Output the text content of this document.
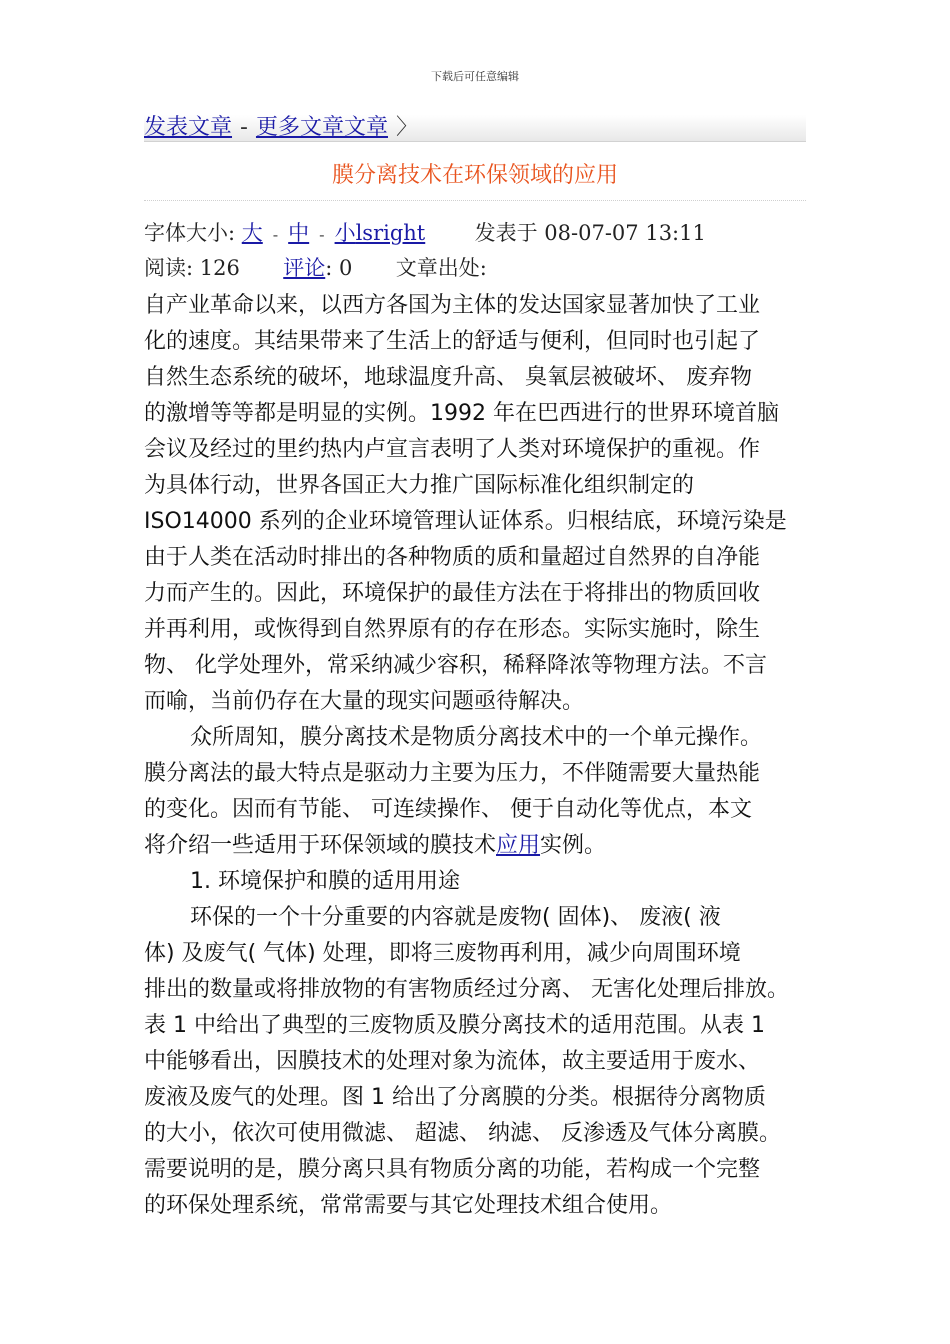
下载后可任意编辑
发表文章 - 更多文章文章 〉
膜分离技术在环保领域的应用
字体大小: 大 - 中 - 小lsright 发表于 08-07-07 13:11
阅读: 126 评论: 0 文章出处:
自产业革命以来，以西方各国为主体的发达国家显著加快了工业
化的速度。其结果带来了生活上的舒适与便利，但同时也引起了
自然生态系统的破坏，地球温度升高、 臭氧层被破坏、 废弃物
的激增等等都是明显的实例。1992 年在巴西进行的世界环境首脑
会议及经过的里约热内卢宣言表明了人类对环境保护的重视。作
为具体行动，世界各国正大力推广国际标准化组织制定的
ISO14000 系列的企业环境管理认证体系。归根结底，环境污染是
由于人类在活动时排出的各种物质的质和量超过自然界的自净能
力而产生的。因此，环境保护的最佳方法在于将排出的物质回收
并再利用，或恢得到自然界原有的存在形态。实际实施时，除生
物、 化学处理外，常采纳减少容积，稀释降浓等物理方法。不言
而喻，当前仍存在大量的现实问题亟待解决。
众所周知，膜分离技术是物质分离技术中的一个单元操作。
膜分离法的最大特点是驱动力主要为压力，不伴随需要大量热能
的变化。因而有节能、 可连续操作、 便于自动化等优点，本文
将介绍一些适用于环保领域的膜技术应用实例。
1. 环境保护和膜的适用用途
环保的一个十分重要的内容就是废物( 固体)、 废液( 液
体) 及废气( 气体) 处理，即将三废物再利用，减少向周围环境
排出的数量或将排放物的有害物质经过分离、 无害化处理后排放。
表 1 中给出了典型的三废物质及膜分离技术的适用范围。从表 1
中能够看出，因膜技术的处理对象为流体，故主要适用于废水、
废液及废气的处理。图 1 给出了分离膜的分类。根据待分离物质
的大小，依次可使用微滤、 超滤、 纳滤、 反渗透及气体分离膜。
需要说明的是，膜分离只具有物质分离的功能，若构成一个完整
的环保处理系统，常常需要与其它处理技术组合使用。
